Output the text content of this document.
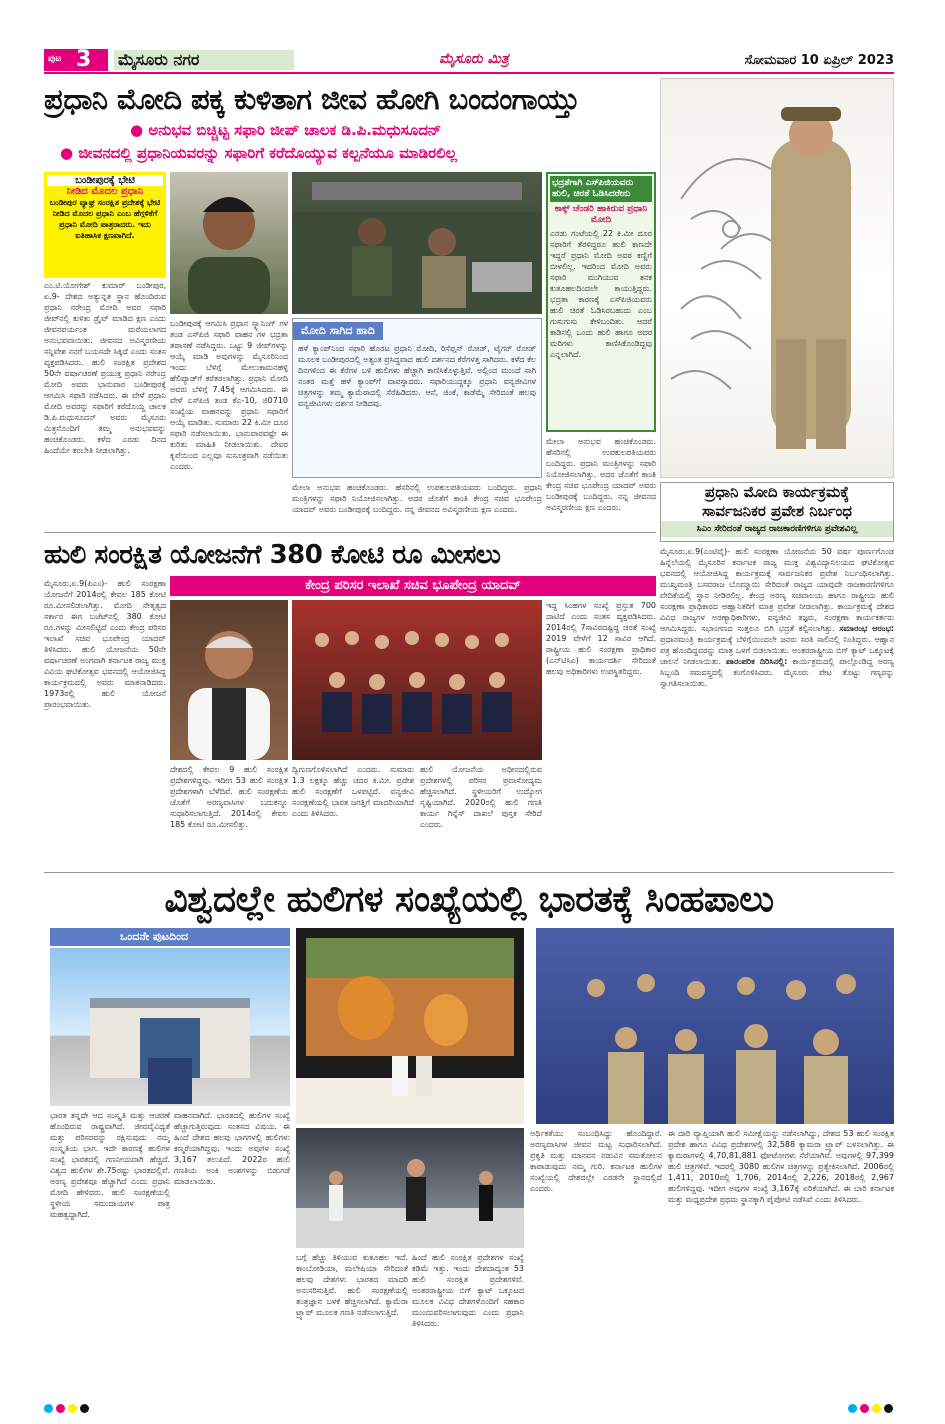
ಪುಟ 3 ಮೈಸೂರು ನಗರ	ಮೈಸೂರು ಮಿತ್ರ	ಸೋಮವಾರ 10 ಏಪ್ರಿಲ್ 2023
ಪ್ರಧಾನಿ ಮೋದಿ ಪಕ್ಕ ಕುಳಿತಾಗ ಜೀವ ಹೋಗಿ ಬಂದಂಗಾಯ್ತು
● ಅನುಭವ ಬಿಚ್ಚಿಟ್ಟ ಸಫಾರಿ ಜೀಪ್ ಚಾಲಕ ಡಿ.ಪಿ.ಮಧುಸೂದನ್
● ಜೀವನದಲ್ಲಿ ಪ್ರಧಾನಿಯವರನ್ನು ಸಫಾರಿಗೆ ಕರೆದೊಯ್ಯುವ ಕಲ್ಪನೆಯೂ ಮಾಡಿರಲಿಲ್ಲ
ಬಂಡೀಪುರಕ್ಕೆ ಭೇಟಿ
ನೀಡಿದ ಮೊದಲ ಪ್ರಧಾನಿ
ಬಂಡೀಪುರ ವ್ಯಾಘ್ರ ಸಂರಕ್ಷಿತ ಪ್ರದೇಶಕ್ಕೆ ಭೇಟಿ ನೀಡಿದ ಮೊದಲ ಪ್ರಧಾನಿ ಎಂಬ ಹೆಗ್ಗಳಿಕೆಗೆ ಪ್ರಧಾನಿ ಮೋದಿ ಪಾತ್ರರಾದರು. ಇದು ಐತಿಹಾಸಿಕ ಕ್ಷಣವಾಗಿದೆ.
ಎಂ.ಟಿ.ಯೋಗೇಶ್ ಕುಮಾರ್ ಬಂಡೀಪುರ, ಏ.9- ದೇಶದ ಅತ್ಯುನ್ನತ ಸ್ಥಾನ ಹೊಂದಿರುವ ಪ್ರಧಾನಿ ನರೇಂದ್ರ ಮೋದಿ ಅವರ ಸಫಾರಿ ಜೀಪ್‍ನಲ್ಲಿ ಕುಳಿತು ಡ್ರೈವ್ ಮಾಡಿದ ಕ್ಷಣ ಎಂದು ಜೀವನಪರ್ಯಂತ ಮರೆಯಲಾಗದ ಅನುಭವವಾಯಿತು. ಜೀವನದ ಅವಿಸ್ಮರಣೀಯ ಸನ್ನಿವೇಶ ನನಗೆ ಬಯಸದೇ ಸಿಕ್ಕಿದೆ ಎಂದು ಸಂತಸ ವ್ಯಕ್ತಪಡಿಸಿದರು. ಹುಲಿ ಸಂರಕ್ಷಿತ ಪ್ರದೇಶದ 50ನೇ ವರ್ಷಾಚರಣೆ ಪ್ರಯುಕ್ತ ಪ್ರಧಾನಿ ನರೇಂದ್ರ ಮೋದಿ ಅವರು ಭಾನುವಾರ ಬಂಡೀಪುರಕ್ಕೆ ಆಗಮಿಸಿ ಸಫಾರಿ ನಡೆಸಿದರು. ಈ ವೇಳೆ ಪ್ರಧಾನಿ ಮೋದಿ ಅವರನ್ನು ಸಫಾರಿಗೆ ಕರೆದೊಯ್ದ ಚಾಲಕ ಡಿ.ಪಿ.ಮಧುಸೂದನ್ ಅವರು ಮೈಸೂರು ಮಿತ್ರನೊಂದಿಗೆ ತಮ್ಮ ಅನುಭವವನ್ನು ಹಂಚಿಕೊಂಡರು. ಕಳೆದ ಎರಡು ದಿನದ ಹಿಂದೆಯೇ ತರಬೇತಿ ನೀಡಲಾಗಿತ್ತು.
ಬಂಡೀಪುರಕ್ಕೆ ಆಗಮಿಸಿ ಪ್ರಧಾನ ಸ್ಕ್ಯಾನಿಂಗ್ ಗಳ ತಂಡ ಎಸ್‍ಪಿಜಿ ಸಫಾರಿ ವಾಹನ ಗಳ ಭದ್ರತಾ ತಪಾಸಣೆ ನಡೆಸಿದ್ದರು. ಒಟ್ಟು 9 ಜೀಪ್‍ಗಳನ್ನು ಆಯ್ಕೆ ಮಾಡಿ ಅವುಗಳನ್ನು ಮೈಸೂರಿನಿಂದ ಇಂದು ಬೆಳಿಗ್ಗೆ ಮೇಲುಕಾಮನಹಳ್ಳಿ ಹೆಲಿಪ್ಯಾಡ್‍ಗೆ ಕರೆತರಲಾಗಿತ್ತು. ಪ್ರಧಾನಿ ಮೋದಿ ಅವರು ಬೆಳಿಗ್ಗೆ 7.45ಕ್ಕೆ ಆಗಮಿಸಿದರು. ಈ ವೇಳೆ ಎಸ್‍ಪಿಜಿ ತಂಡ ಕೆಎ-10, ಜಿ0710 ಸಂಖ್ಯೆಯ ವಾಹನವನ್ನು ಪ್ರಧಾನಿ ಸಫಾರಿಗೆ ಆಯ್ಕೆ ಮಾಡಿತು. ಸುಮಾರು 22 ಕಿ.ಮೀ ದೂರ ಸಫಾರಿ ನಡೆಸಲಾಯಿತು. ಭಾನುವಾರವಷ್ಟೇ ಈ ಕುರಿತು ಮಾಹಿತಿ ನೀಡಲಾಯಿತು. ದೇವರ ಕೃಪೆಯಿಂದ ಎಲ್ಲವೂ ಸುಸೂತ್ರವಾಗಿ ನಡೆಯಿತು ಎಂದರು.
ಮೋದಿ ಸಾಗಿದ ಹಾದಿ
ಹಳೆ ಕ್ಯಾಂಪ್‍ನಿಂದ ಸಫಾರಿ ಹೊರಟ ಪ್ರಧಾನಿ ಮೋದಿ, ರಿಸೆಪ್ಷನ್ ರೋಡ್, ಟೈಗರ್ ರೋಡ್ ಮೂಲಕ ಬಂಡೀಪುರದಲ್ಲಿ ಅತ್ಯಂತ ಪ್ರಸಿದ್ಧವಾದ ಹುಲಿ ದರ್ಶನದ ಕೆರೆಗಳತ್ತ ಸಾಗಿದರು. ಕಳೆದ ಕೆಲ ದಿನಗಳಿಂದ ಈ ಕೆರೆಗಳ ಬಳಿ ಹುಲಿಗಳು ಹೆಚ್ಚಾಗಿ ಕಾಣಿಸಿಕೊಳ್ಳುತ್ತಿವೆ. ಅಲ್ಲಿಂದ ಮುಂದೆ ಸಾಗಿ ನಂತರ ಮತ್ತೆ ಹಳೆ ಕ್ಯಾಂಪ್‍ಗೆ ವಾಪಸ್ಸಾದರು. ಸಫಾರಿಯುದ್ದಕ್ಕೂ ಪ್ರಧಾನಿ ವನ್ಯಜೀವಿಗಳ ಚಿತ್ರಗಳನ್ನು ತಮ್ಮ ಕ್ಯಾಮೆರಾದಲ್ಲಿ ಸೆರೆಹಿಡಿದರು. ಆನೆ, ಜಿಂಕೆ, ಕಾಡೆಮ್ಮೆ ಸೇರಿದಂತೆ ಹಲವು ವನ್ಯಜೀವಿಗಳು ದರ್ಶನ ನೀಡಿದವು.
ಮೇಲಾ ಅನುಭವ ಹಂಚಿಕೊಂಡರು. ಹೆಸರಿನಲ್ಲಿ ಉಪಕುಲಪತಿಯವರು ಬಂದಿದ್ದರು. ಪ್ರಧಾನಿ ಮಂತ್ರಿಗಳನ್ನು ಸಫಾರಿ ನಿಯೋಜಿಸಲಾಗಿತ್ತು. ಅದರ ಜೊತೆಗೆ ಕಾಂತಿ ಕೇಂದ್ರ ಸಚಿವ ಭೂಪೇಂದ್ರ ಯಾದವ್ ಅವರು ಬಂಡೀಪುರಕ್ಕೆ ಬಂದಿದ್ದರು. ನನ್ನ ಜೀವನದ ಅವಿಸ್ಮರಣೀಯ ಕ್ಷಣ ಎಂದರು.
ಭದ್ರತೆಗಾಗಿ ಎಸ್‍ಪಿಜಿಯವರು ಹುಲಿ, ಚಿರತೆ ಓಡಿಸಿದರೇನು
ಕಾಕ್ಕ್ ಚೆಂಡರಿ ಹಾಕಿರುವ ಪ್ರಧಾನಿ ಮೋದಿ
ಎರಡು ಗಂಟೆಯಲ್ಲಿ 22 ಕಿ.ಮೀ ದೂರ ಸಫಾರಿಗೆ ತೆರಳಿದ್ದರೂ ಹುಲಿ ಕಾಣದೇ ಇದ್ದರೆ ಪ್ರಧಾನಿ ಮೋದಿ ಅವರ ಕಣ್ಣಿಗೆ ಬೀಳಲಿಲ್ಲ. ಇದರಿಂದ ಮೋದಿ ಅವರು ಸಫಾರಿ ಮುಗಿಯುವ ತನಕ ಕುತೂಹಲದಿಂದಲೇ ಕಾಯುತ್ತಿದ್ದರು. ಭದ್ರತಾ ಕಾರಣಕ್ಕೆ ಎಸ್‍ಪಿಜಿಯವರು ಹುಲಿ ಚಿರತೆ ಓಡಿಸಿರಬಹುದು ಎಂಬ ಗುಸುಗುಸು ಕೇಳಿಬಂದಿತು. ಆದರೆ ಕಾಡಿನಲ್ಲಿ ಒಂದು ಹುಲಿ ಹಾಗೂ ಅದರ ಮರಿಗಳು ಕಾಣಿಸಿಕೊಂಡಿದ್ದವು ಎನ್ನಲಾಗಿದೆ.
ಮೇಲಾ ಅನುಭವ ಹಂಚಿಕೊಂಡರು. ಹೆಸರಿನಲ್ಲಿ ಉಪಕುಲಪತಿಯವರು ಬಂದಿದ್ದರು. ಪ್ರಧಾನಿ ಮಂತ್ರಿಗಳನ್ನು ಸಫಾರಿ ನಿಯೋಜಿಸಲಾಗಿತ್ತು. ಅದರ ಜೊತೆಗೆ ಕಾಂತಿ ಕೇಂದ್ರ ಸಚಿವ ಭೂಪೇಂದ್ರ ಯಾದವ್ ಅವರು ಬಂಡೀಪುರಕ್ಕೆ ಬಂದಿದ್ದರು. ನನ್ನ ಜೀವನದ ಅವಿಸ್ಮರಣೀಯ ಕ್ಷಣ ಎಂದರು.
ಪ್ರಧಾನಿ ಮೋದಿ ಕಾರ್ಯಕ್ರಮಕ್ಕೆ
ಸಾರ್ವಜನಿಕರ ಪ್ರವೇಶ ನಿರ್ಬಂಧ
ಸಿಎಂ ಸೇರಿದಂತೆ ರಾಜ್ಯದ ರಾಜಕಾರಣಿಗಳಿಗೂ ಪ್ರವೇಶವಿಲ್ಲ
ಮೈಸೂರು,ಏ.9(ಎಂಟಿವೈ)- ಹುಲಿ ಸಂರಕ್ಷಣಾ ಯೋಜನೆಯ 50 ವರ್ಷ ಪೂರ್ಣಗೊಂಡ ಹಿನ್ನೆಲೆಯಲ್ಲಿ ಮೈಸೂರಿನ ಕರ್ನಾಟಕ ರಾಜ್ಯ ಮುಕ್ತ ವಿಶ್ವವಿದ್ಯಾನಿಲಯದ ಘಟಿಕೋತ್ಸವ ಭವನದಲ್ಲಿ ಆಯೋಜಿಸಿದ್ದ ಕಾರ್ಯಕ್ರಮಕ್ಕೆ ಸಾರ್ವಜನಿಕರ ಪ್ರವೇಶ ನಿರ್ಬಂಧಿಸಲಾಗಿತ್ತು. ಮುಖ್ಯಮಂತ್ರಿ ಬಸವರಾಜ ಬೊಮ್ಮಾಯಿ ಸೇರಿದಂತೆ ರಾಜ್ಯದ ಯಾವುದೇ ರಾಜಕಾರಣಿಗಳಿಗೂ ವೇದಿಕೆಯಲ್ಲಿ ಸ್ಥಾನ ನೀಡಿರಲಿಲ್ಲ. ಕೇಂದ್ರ ಅರಣ್ಯ ಸಚಿವಾಲಯ ಹಾಗೂ ರಾಷ್ಟ್ರೀಯ ಹುಲಿ ಸಂರಕ್ಷಣಾ ಪ್ರಾಧಿಕಾರದ ಆಹ್ವಾನಿತರಿಗೆ ಮಾತ್ರ ಪ್ರವೇಶ ನೀಡಲಾಗಿತ್ತು. ಕಾರ್ಯಕ್ರಮಕ್ಕೆ ದೇಶದ ವಿವಿಧ ರಾಜ್ಯಗಳ ಅರಣ್ಯಾಧಿಕಾರಿಗಳು, ವನ್ಯಜೀವಿ ತಜ್ಞರು, ಸಂರಕ್ಷಣಾ ಕಾರ್ಯಕರ್ತರು ಆಗಮಿಸಿದ್ದರು. ಸಭಾಂಗಣದ ಸುತ್ತಲೂ ಬಿಗಿ ಭದ್ರತೆ ಕಲ್ಪಿಸಲಾಗಿತ್ತು. ಸಮಾರಂಭ ಆರಂಭ: ಪ್ರಧಾನಮಂತ್ರಿ ಕಾರ್ಯಕ್ರಮಕ್ಕೆ ಬೆಳಿಗ್ಗೆಯಿಂದಲೇ ಜನರು ಸರತಿ ಸಾಲಿನಲ್ಲಿ ನಿಂತಿದ್ದರು. ಆಹ್ವಾನ ಪತ್ರ ಹೊಂದಿದ್ದವರನ್ನು ಮಾತ್ರ ಒಳಗೆ ಬಿಡಲಾಯಿತು. ಅಂತರರಾಷ್ಟ್ರೀಯ ಬಿಗ್ ಕ್ಯಾಟ್ ಒಕ್ಕೂಟಕ್ಕೆ ಚಾಲನೆ ನೀಡಲಾಯಿತು. ಪಾರಂಪರಿಕ ದಿರಿಸಿನಲ್ಲಿ: ಕಾರ್ಯಕ್ರಮದಲ್ಲಿ ಪಾಲ್ಗೊಂಡಿದ್ದ ಅರಣ್ಯ ಸಿಬ್ಬಂದಿ ಸಮವಸ್ತ್ರದಲ್ಲಿ ಕಂಗೊಳಿಸಿದರು. ಮೈಸೂರು ಪೇಟ ತೊಟ್ಟು ಗಣ್ಯರನ್ನು ಸ್ವಾಗತಿಸಲಾಯಿತು.
ಹುಲಿ ಸಂರಕ್ಷಿತ ಯೋಜನೆಗೆ 380 ಕೋಟಿ ರೂ ಮೀಸಲು
ಕೇಂದ್ರ ಪರಿಸರ ಇಲಾಖೆ ಸಚಿವ ಭೂಪೇಂದ್ರ ಯಾದವ್
ಮೈಸೂರು,ಏ.9(ಪಿಎಂ)- ಹುಲಿ ಸಂರಕ್ಷಣಾ ಯೋಜನೆಗೆ 2014ರಲ್ಲಿ ಕೇವಲ 185 ಕೋಟಿ ರೂ.ಮೀಸಲಿಡಲಾಗಿತ್ತು. ಮೋದಿ ನೇತೃತ್ವದ ಸರ್ಕಾರ ಈಗ ಬಜೆಟ್‍ನಲ್ಲಿ 380 ಕೋಟಿ ರೂ.ಗಳನ್ನು ಮೀಸಲಿಟ್ಟಿದೆ ಎಂದು ಕೇಂದ್ರ ಪರಿಸರ ಇಲಾಖೆ ಸಚಿವ ಭೂಪೇಂದ್ರ ಯಾದವ್ ತಿಳಿಸಿದರು. ಹುಲಿ ಯೋಜನೆಯ 50ನೇ ವರ್ಷಾಚರಣೆ ಅಂಗವಾಗಿ ಕರ್ನಾಟಕ ರಾಜ್ಯ ಮುಕ್ತ ವಿವಿಯ ಘಟಿಕೋತ್ಸವ ಭವನದಲ್ಲಿ ಆಯೋಜಿಸಿದ್ದ ಕಾರ್ಯಕ್ರಮದಲ್ಲಿ ಅವರು ಮಾತನಾಡಿದರು. 1973ರಲ್ಲಿ ಹುಲಿ ಯೋಜನೆ ಪ್ರಾರಂಭವಾಯಿತು.
ದೇಶದಲ್ಲಿ ಕೇವಲ 9 ಹುಲಿ ಸಂರಕ್ಷಿತ ಪ್ರದೇಶಗಳಿದ್ದವು. ಇದೀಗ 53 ಹುಲಿ ಸಂರಕ್ಷಿತ ಪ್ರದೇಶಗಳಾಗಿ ಬೆಳೆದಿವೆ. ಹುಲಿ ಸಂರಕ್ಷಣೆಯ ಜೊತೆಗೆ ಅರಣ್ಯವಾಸಿಗಳ ಬದುಕನ್ನೂ ಸುಧಾರಿಸಲಾಗುತ್ತಿದೆ. 2014ರಲ್ಲಿ ಕೇವಲ 185 ಕೋಟಿ ರೂ.ಮೀಸಲಿತ್ತು.
ದ್ವಿಗುಣಗೊಳಿಸಲಾಗಿದೆ ಎಂದರು. ಸುಮಾರು 1.3 ಲಕ್ಷಕ್ಕೂ ಹೆಚ್ಚು ಚದರ ಕಿ.ಮೀ. ಪ್ರದೇಶ ಹುಲಿ ಸಂರಕ್ಷಣೆಗೆ ಒಳಪಟ್ಟಿದೆ. ವನ್ಯಜೀವಿ ಸಂರಕ್ಷಣೆಯಲ್ಲಿ ಭಾರತ ಜಗತ್ತಿಗೆ ಮಾದರಿಯಾಗಿದೆ ಎಂದು ತಿಳಿಸಿದರು.
ಹುಲಿ ಯೋಜನೆಯ ಅಧೀನದಲ್ಲಿರುವ ಪ್ರದೇಶಗಳಲ್ಲಿ ಪರಿಸರ ಪ್ರವಾಸೋದ್ಯಮ ಹೆಚ್ಚಿಸಲಾಗಿದೆ. ಸ್ಥಳೀಯರಿಗೆ ಉದ್ಯೋಗ ಸೃಷ್ಟಿಯಾಗಿದೆ. 2020ರಲ್ಲಿ ಹುಲಿ ಗಣತಿ ಕಾರ್ಯ ಗಿನ್ನೆಸ್ ದಾಖಲೆ ಪುಸ್ತಕ ಸೇರಿದೆ ಎಂದರು.
ಇದ್ದ ಸಿಂಹಗಳ ಸಂಖ್ಯೆ ಪ್ರಸ್ತುತ 700 ದಾಟಿದೆ ಎಂದು ಸಂತಸ ವ್ಯಕ್ತಪಡಿಸಿದರು. 2014ರಲ್ಲಿ 7ಸಾವಿರದಷ್ಟಿದ್ದ ಚಿರತೆ ಸಂಖ್ಯೆ 2019 ವೇಳೆಗೆ 12 ಸಾವಿರ ಆಗಿದೆ. ರಾಷ್ಟ್ರೀಯ ಹುಲಿ ಸಂರಕ್ಷಣಾ ಪ್ರಾಧಿಕಾರ (ಎನ್‍ಟಿಸಿಎ) ಕಾರ್ಯದರ್ಶಿ ಸೇರಿದಂತೆ ಹಲವು ಅಧಿಕಾರಿಗಳು ಉಪಸ್ಥಿತರಿದ್ದರು.
ವಿಶ್ವದಲ್ಲೇ ಹುಲಿಗಳ ಸಂಖ್ಯೆಯಲ್ಲಿ ಭಾರತಕ್ಕೆ ಸಿಂಹಪಾಲು
ಒಂದನೇ ಪುಟದಿಂದ
ಭಾರತ ತನ್ನದೇ ಆದ ಸಂಸ್ಕೃತಿ ಮತ್ತು ಆಚರಣೆ ಹೊಂದಿರುವ ರಾಷ್ಟ್ರವಾಗಿದೆ. ಜೀವವೈವಿಧ್ಯತೆ ಮತ್ತು ಪರಿಸರವನ್ನು ರಕ್ಷಿಸುವುದು ನಮ್ಮ ಸಂಸ್ಕೃತಿಯ ಭಾಗ. ಇದೇ ಕಾರಣಕ್ಕೆ ಹುಲಿಗಳ ಸಂಖ್ಯೆ ಭಾರತದಲ್ಲಿ ಗಣನೀಯವಾಗಿ ಹೆಚ್ಚಿದೆ. ವಿಶ್ವದ ಹುಲಿಗಳ ಶೇ.75ರಷ್ಟು ಭಾರತದಲ್ಲಿವೆ. ಅರಣ್ಯ ಪ್ರದೇಶವೂ ಹೆಚ್ಚಾಗಿದೆ ಎಂದು ಪ್ರಧಾನಿ ಮೋದಿ ಹೇಳಿದರು. ಹುಲಿ ಸಂರಕ್ಷಣೆಯಲ್ಲಿ ಸ್ಥಳೀಯ ಸಮುದಾಯಗಳ ಪಾತ್ರ ಮಹತ್ವದ್ದಾಗಿದೆ.
ವಾಹನವಾಗಿದೆ. ಭಾರತದಲ್ಲಿ ಹುಲಿಗಳ ಸಂಖ್ಯೆ ಹೆಚ್ಚಾಗುತ್ತಿರುವುದು ಸಂತಸದ ವಿಷಯ. ಈ ಹಿಂದೆ ದೇಶದ ಹಲವು ಭಾಗಗಳಲ್ಲಿ ಹುಲಿಗಳು ಕಣ್ಮರೆಯಾಗಿದ್ದವು. ಇಂದು ಅವುಗಳ ಸಂಖ್ಯೆ 3,167 ತಲುಪಿದೆ. 2022ರ ಹುಲಿ ಗಣತಿಯ ಅಂಕಿ ಅಂಶಗಳನ್ನು ಬಿಡುಗಡೆ ಮಾಡಲಾಯಿತು.
ಬಗ್ಗೆ ಹೆಚ್ಚು ತಿಳಿಯುವ ಕುತೂಹಲ ಇದೆ. ಕಾಂಬೋಡಿಯಾ, ಮಲೇಷಿಯಾ ಸೇರಿದಂತೆ ಹಲವು ದೇಶಗಳು ಭಾರತದ ಮಾದರಿ ಅನುಸರಿಸುತ್ತಿವೆ. ಹುಲಿ ಸಂರಕ್ಷಣೆಯಲ್ಲಿ ತಂತ್ರಜ್ಞಾನ ಬಳಕೆ ಹೆಚ್ಚಿಸಲಾಗಿದೆ. ಕ್ಯಾಮೆರಾ ಟ್ರ್ಯಾಪ್ ಮೂಲಕ ಗಣತಿ ನಡೆಸಲಾಗುತ್ತಿದೆ.
ಹಿಂದೆ ಹುಲಿ ಸಂರಕ್ಷಿತ ಪ್ರದೇಶಗಳ ಸಂಖ್ಯೆ ಕಡಿಮೆ ಇತ್ತು. ಇಂದು ದೇಶದಾದ್ಯಂತ 53 ಹುಲಿ ಸಂರಕ್ಷಿತ ಪ್ರದೇಶಗಳಿವೆ. ಅಂತರರಾಷ್ಟ್ರೀಯ ಬಿಗ್ ಕ್ಯಾಟ್ ಒಕ್ಕೂಟದ ಮೂಲಕ ವಿವಿಧ ದೇಶಗಳೊಂದಿಗೆ ಸಹಕಾರ ಮುಂದುವರಿಸಲಾಗುವುದು ಎಂದು ಪ್ರಧಾನಿ ತಿಳಿಸಿದರು.
ಅರ್ಥಿಕತೆಯು ಸಂಬಂಧಿಸಿದ್ದು ಹೊಂದಿದ್ದಾರೆ. ಅರಣ್ಯವಾಸಿಗಳ ಜೀವನ ಮಟ್ಟ ಸುಧಾರಿಸಲಾಗಿದೆ. ಪ್ರಕೃತಿ ಮತ್ತು ಮಾನವನ ನಡುವಿನ ಸಮತೋಲನ ಕಾಪಾಡುವುದು ನಮ್ಮ ಗುರಿ. ಕರ್ನಾಟಕ ಹುಲಿಗಳ ಸಂಖ್ಯೆಯಲ್ಲಿ ದೇಶದಲ್ಲೇ ಎರಡನೇ ಸ್ಥಾನದಲ್ಲಿದೆ ಎಂದರು.
ಈ ದಾರಿ ವ್ಯಾಪ್ತಿಯಾಗಿ ಹುಲಿ ಸಮೀಕ್ಷೆಯನ್ನು ನಡೆಸಲಾಗಿದ್ದು, ದೇಶದ 53 ಹುಲಿ ಸಂರಕ್ಷಿತ ಪ್ರದೇಶ ಹಾಗೂ ವಿವಿಧ ಪ್ರದೇಶಗಳಲ್ಲಿ 32,588 ಕ್ಯಾಮರಾ ಟ್ರ್ಯಾಪ್ ಬಳಸಲಾಗಿತ್ತು. ಈ ಕ್ಯಾಮರಾಗಳಲ್ಲಿ 4,70,81,881 ಫೋಟೋಗಳು ಸೆರೆಯಾಗಿವೆ. ಅವುಗಳಲ್ಲಿ 97,399 ಹುಲಿ ಚಿತ್ರಗಳಿವೆ. ಇದರಲ್ಲಿ 3080 ಹುಲಿಗಳ ಚಿತ್ರಗಳನ್ನು ಪ್ರತ್ಯೇಕಿಸಲಾಗಿದೆ. 2006ರಲ್ಲಿ 1,411, 2010ರಲ್ಲಿ 1,706, 2014ರಲ್ಲಿ 2,226, 2018ರಲ್ಲಿ 2,967 ಹುಲಿಗಳಿದ್ದವು. ಇದೀಗ ಅವುಗಳ ಸಂಖ್ಯೆ 3,167ಕ್ಕೆ ಏರಿಕೆಯಾಗಿದೆ. ಈ ಬಾರಿ ಕರ್ನಾಟಕ ಮತ್ತು ಮಧ್ಯಪ್ರದೇಶ ಪ್ರಥಮ ಸ್ಥಾನಕ್ಕಾಗಿ ಪೈಪೋಟಿ ನಡೆಸಿವೆ ಎಂದು ತಿಳಿಸಿದರು.
